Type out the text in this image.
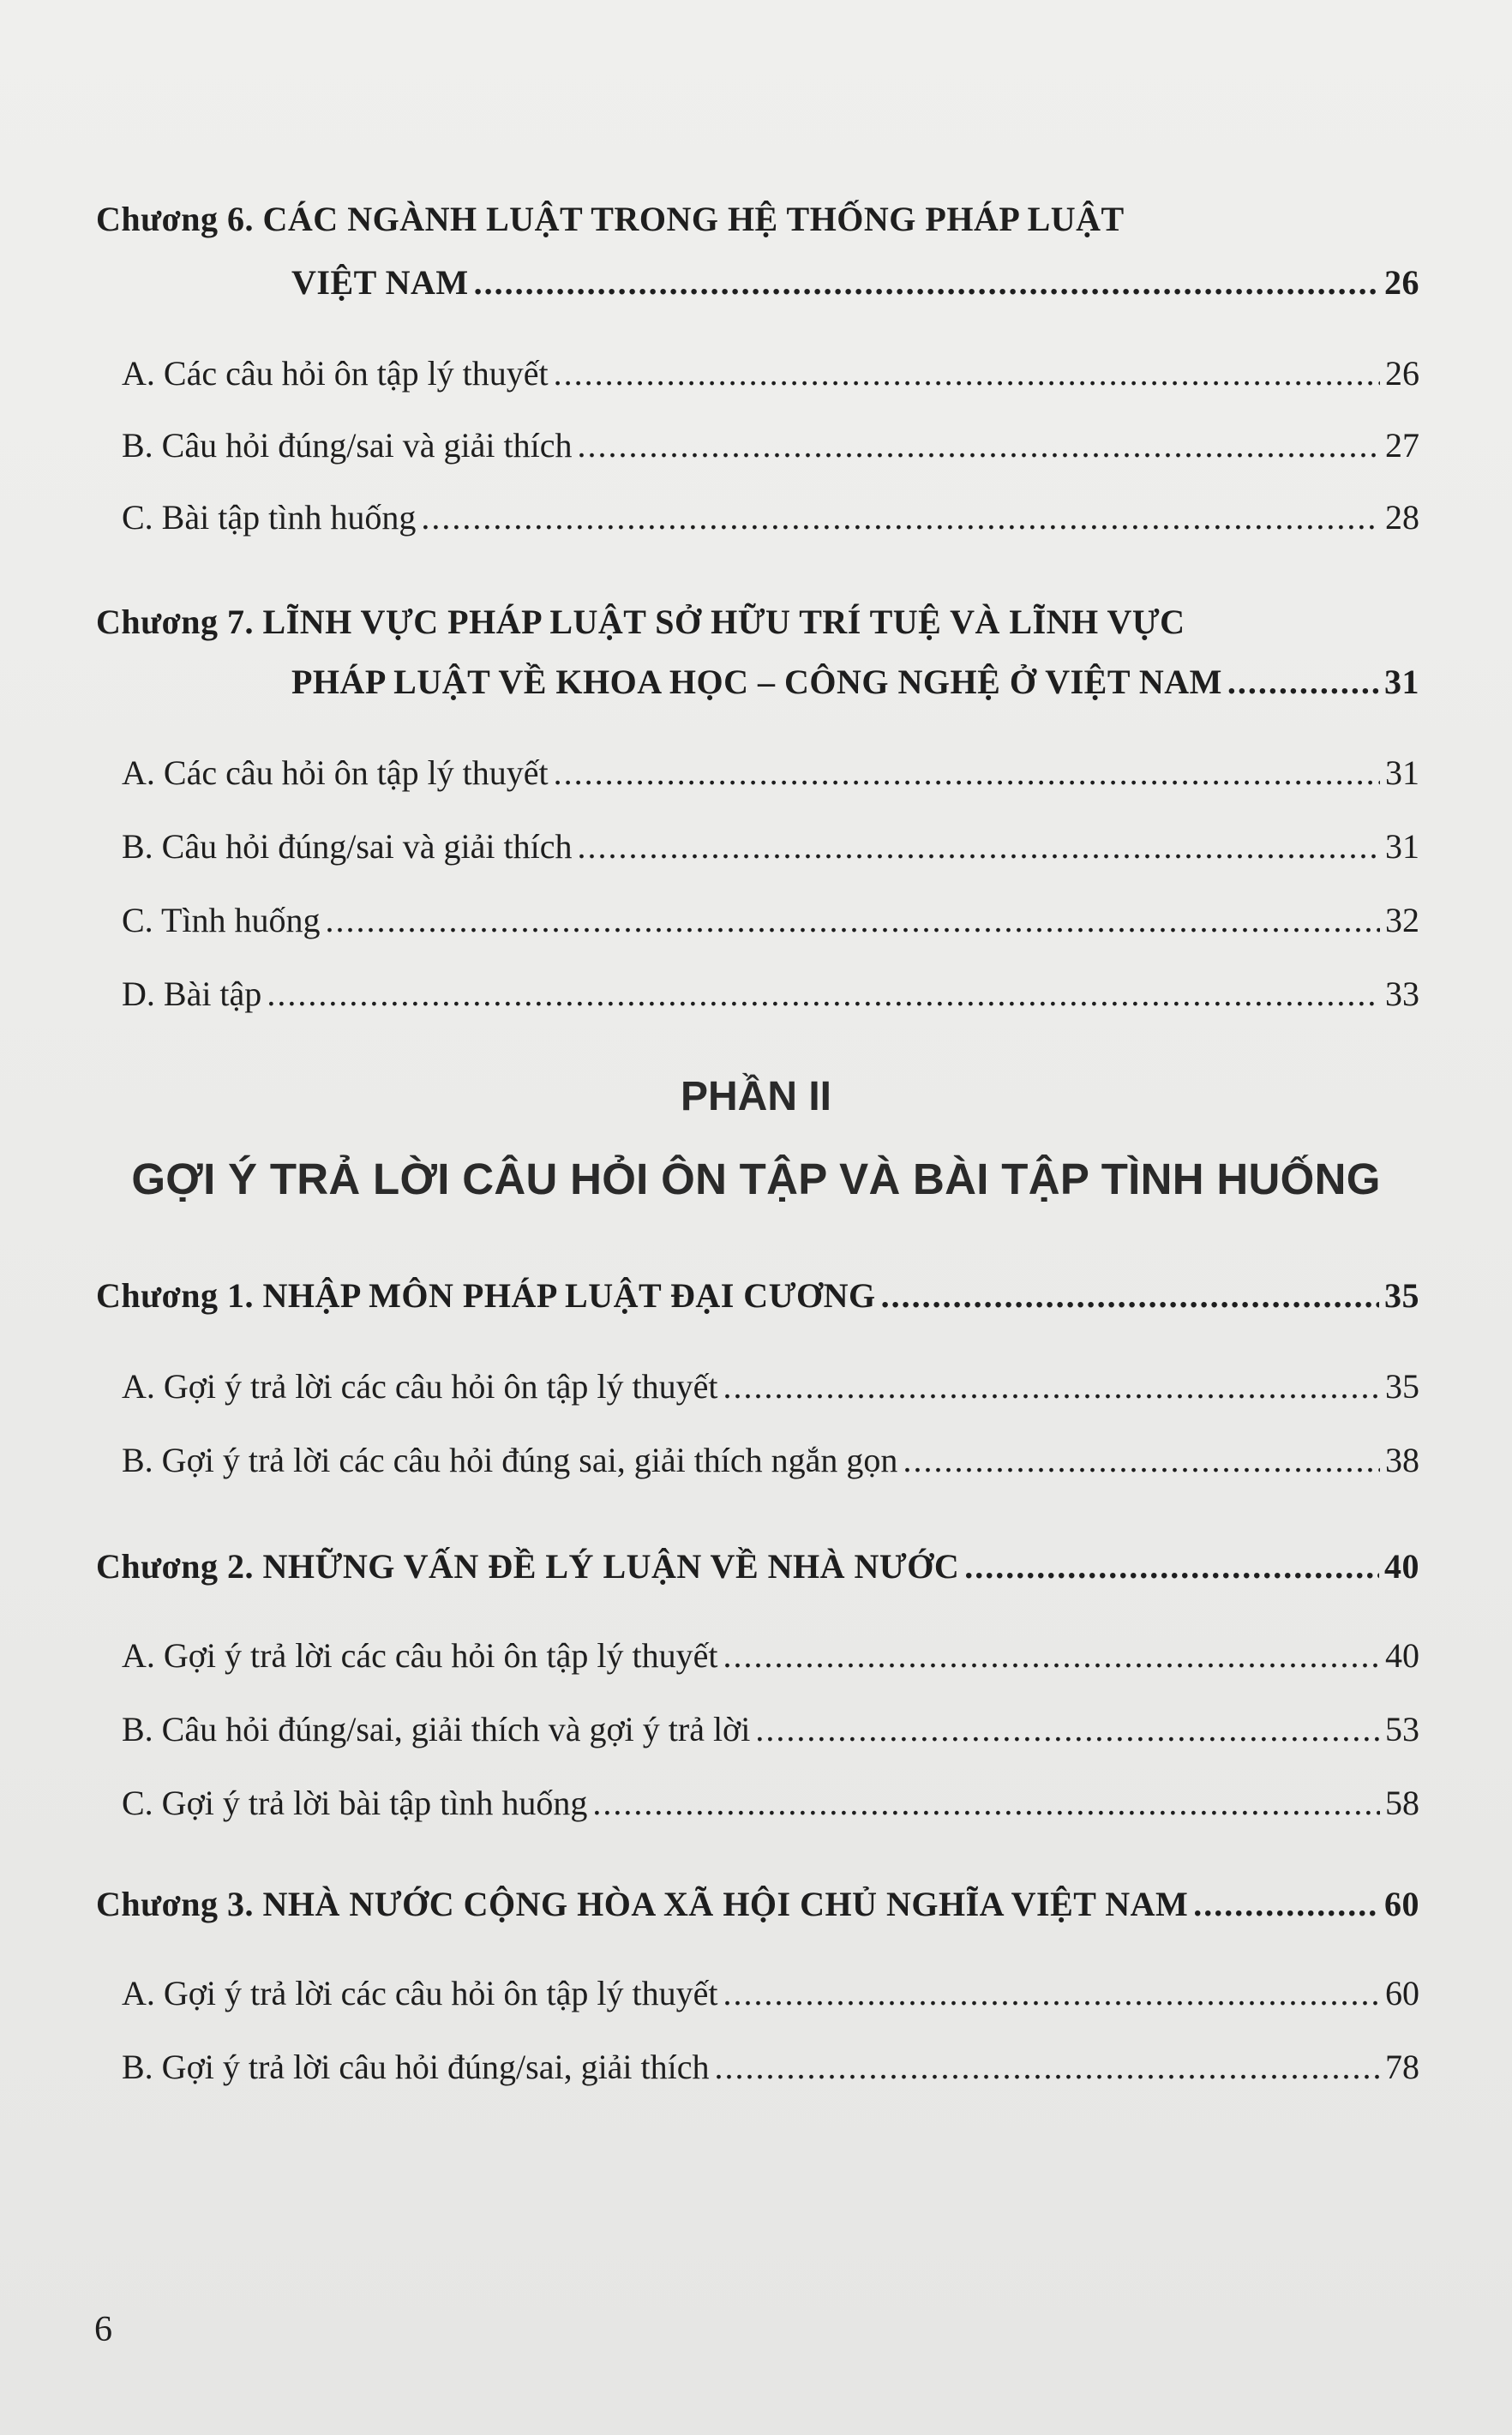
Chương 6. CÁC NGÀNH LUẬT TRONG HỆ THỐNG PHÁP LUẬT
VIỆT NAM .....	26
A. Các câu hỏi ôn tập lý thuyết .....	26
B. Câu hỏi đúng/sai và giải thích .....	27
C. Bài tập tình huống .....	28
Chương 7. LĨNH VỰC PHÁP LUẬT SỞ HỮU TRÍ TUỆ VÀ LĨNH VỰC
PHÁP LUẬT VỀ KHOA HỌC – CÔNG NGHỆ Ở VIỆT NAM .....	31
A. Các câu hỏi ôn tập lý thuyết .....	31
B. Câu hỏi đúng/sai và giải thích .....	31
C. Tình huống .....	32
D. Bài tập .....	33
PHẦN II
GỢI Ý TRẢ LỜI CÂU HỎI ÔN TẬP VÀ BÀI TẬP TÌNH HUỐNG
Chương 1. NHẬP MÔN PHÁP LUẬT ĐẠI CƯƠNG .....	35
A. Gợi ý trả lời các câu hỏi ôn tập lý thuyết .....	35
B. Gợi ý trả lời các câu hỏi đúng sai, giải thích ngắn gọn .....	38
Chương 2. NHỮNG VẤN ĐỀ LÝ LUẬN VỀ NHÀ NƯỚC .....	40
A. Gợi ý trả lời các câu hỏi ôn tập lý thuyết .....	40
B. Câu hỏi đúng/sai, giải thích và gợi ý trả lời .....	53
C. Gợi ý trả lời bài tập tình huống .....	58
Chương 3. NHÀ NƯỚC CỘNG HÒA XÃ HỘI CHỦ NGHĨA VIỆT NAM .....	60
A. Gợi ý trả lời các câu hỏi ôn tập lý thuyết .....	60
B. Gợi ý trả lời câu hỏi đúng/sai, giải thích .....	78
6
